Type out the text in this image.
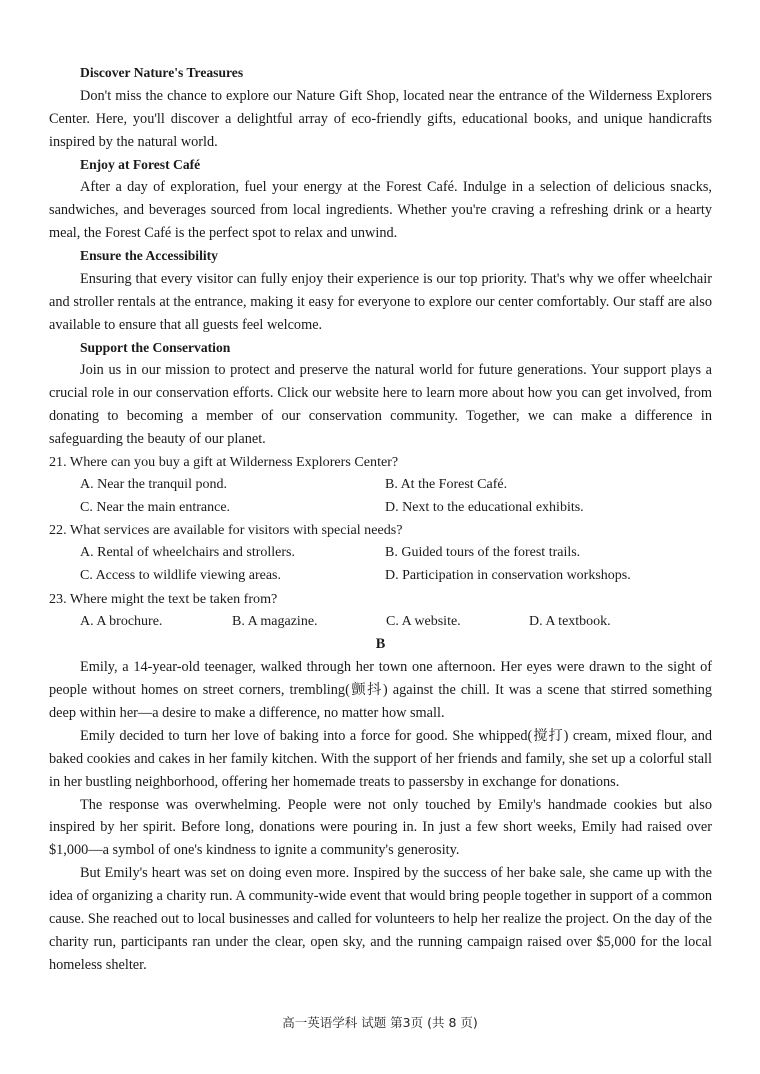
Discover Nature's Treasures

Don't miss the chance to explore our Nature Gift Shop, located near the entrance of the Wilderness Explorers Center. Here, you'll discover a delightful array of eco-friendly gifts, educational books, and unique handicrafts inspired by the natural world.

Enjoy at Forest Café

After a day of exploration, fuel your energy at the Forest Café. Indulge in a selection of delicious snacks, sandwiches, and beverages sourced from local ingredients. Whether you're craving a refreshing drink or a hearty meal, the Forest Café is the perfect spot to relax and unwind.

Ensure the Accessibility

Ensuring that every visitor can fully enjoy their experience is our top priority. That's why we offer wheelchair and stroller rentals at the entrance, making it easy for everyone to explore our center comfortably. Our staff are also available to ensure that all guests feel welcome.

Support the Conservation

Join us in our mission to protect and preserve the natural world for future generations. Your support plays a crucial role in our conservation efforts. Click our website here to learn more about how you can get involved, from donating to becoming a member of our conservation community. Together, we can make a difference in safeguarding the beauty of our planet.

21. Where can you buy a gift at Wilderness Explorers Center?

A. Near the tranquil pond.	B. At the Forest Café.
C. Near the main entrance.	D. Next to the educational exhibits.

22. What services are available for visitors with special needs?

A. Rental of wheelchairs and strollers.	B. Guided tours of the forest trails.
C. Access to wildlife viewing areas.	D. Participation in conservation workshops.

23. Where might the text be taken from?

A. A brochure.	B. A magazine.	C. A website.	D. A textbook.

B

Emily, a 14-year-old teenager, walked through her town one afternoon. Her eyes were drawn to the sight of people without homes on street corners, trembling(颤抖) against the chill. It was a scene that stirred something deep within her—a desire to make a difference, no matter how small.

Emily decided to turn her love of baking into a force for good. She whipped(搅打) cream, mixed flour, and baked cookies and cakes in her family kitchen. With the support of her friends and family, she set up a colorful stall in her bustling neighborhood, offering her homemade treats to passersby in exchange for donations.

The response was overwhelming. People were not only touched by Emily's handmade cookies but also inspired by her spirit. Before long, donations were pouring in. In just a few short weeks, Emily had raised over $1,000—a symbol of one's kindness to ignite a community's generosity.

But Emily's heart was set on doing even more. Inspired by the success of her bake sale, she came up with the idea of organizing a charity run. A community-wide event that would bring people together in support of a common cause. She reached out to local businesses and called for volunteers to help her realize the project. On the day of the charity run, participants ran under the clear, open sky, and the running campaign raised over $5,000 for the local homeless shelter.

高一英语学科 试题 第3页 (共 8 页)
